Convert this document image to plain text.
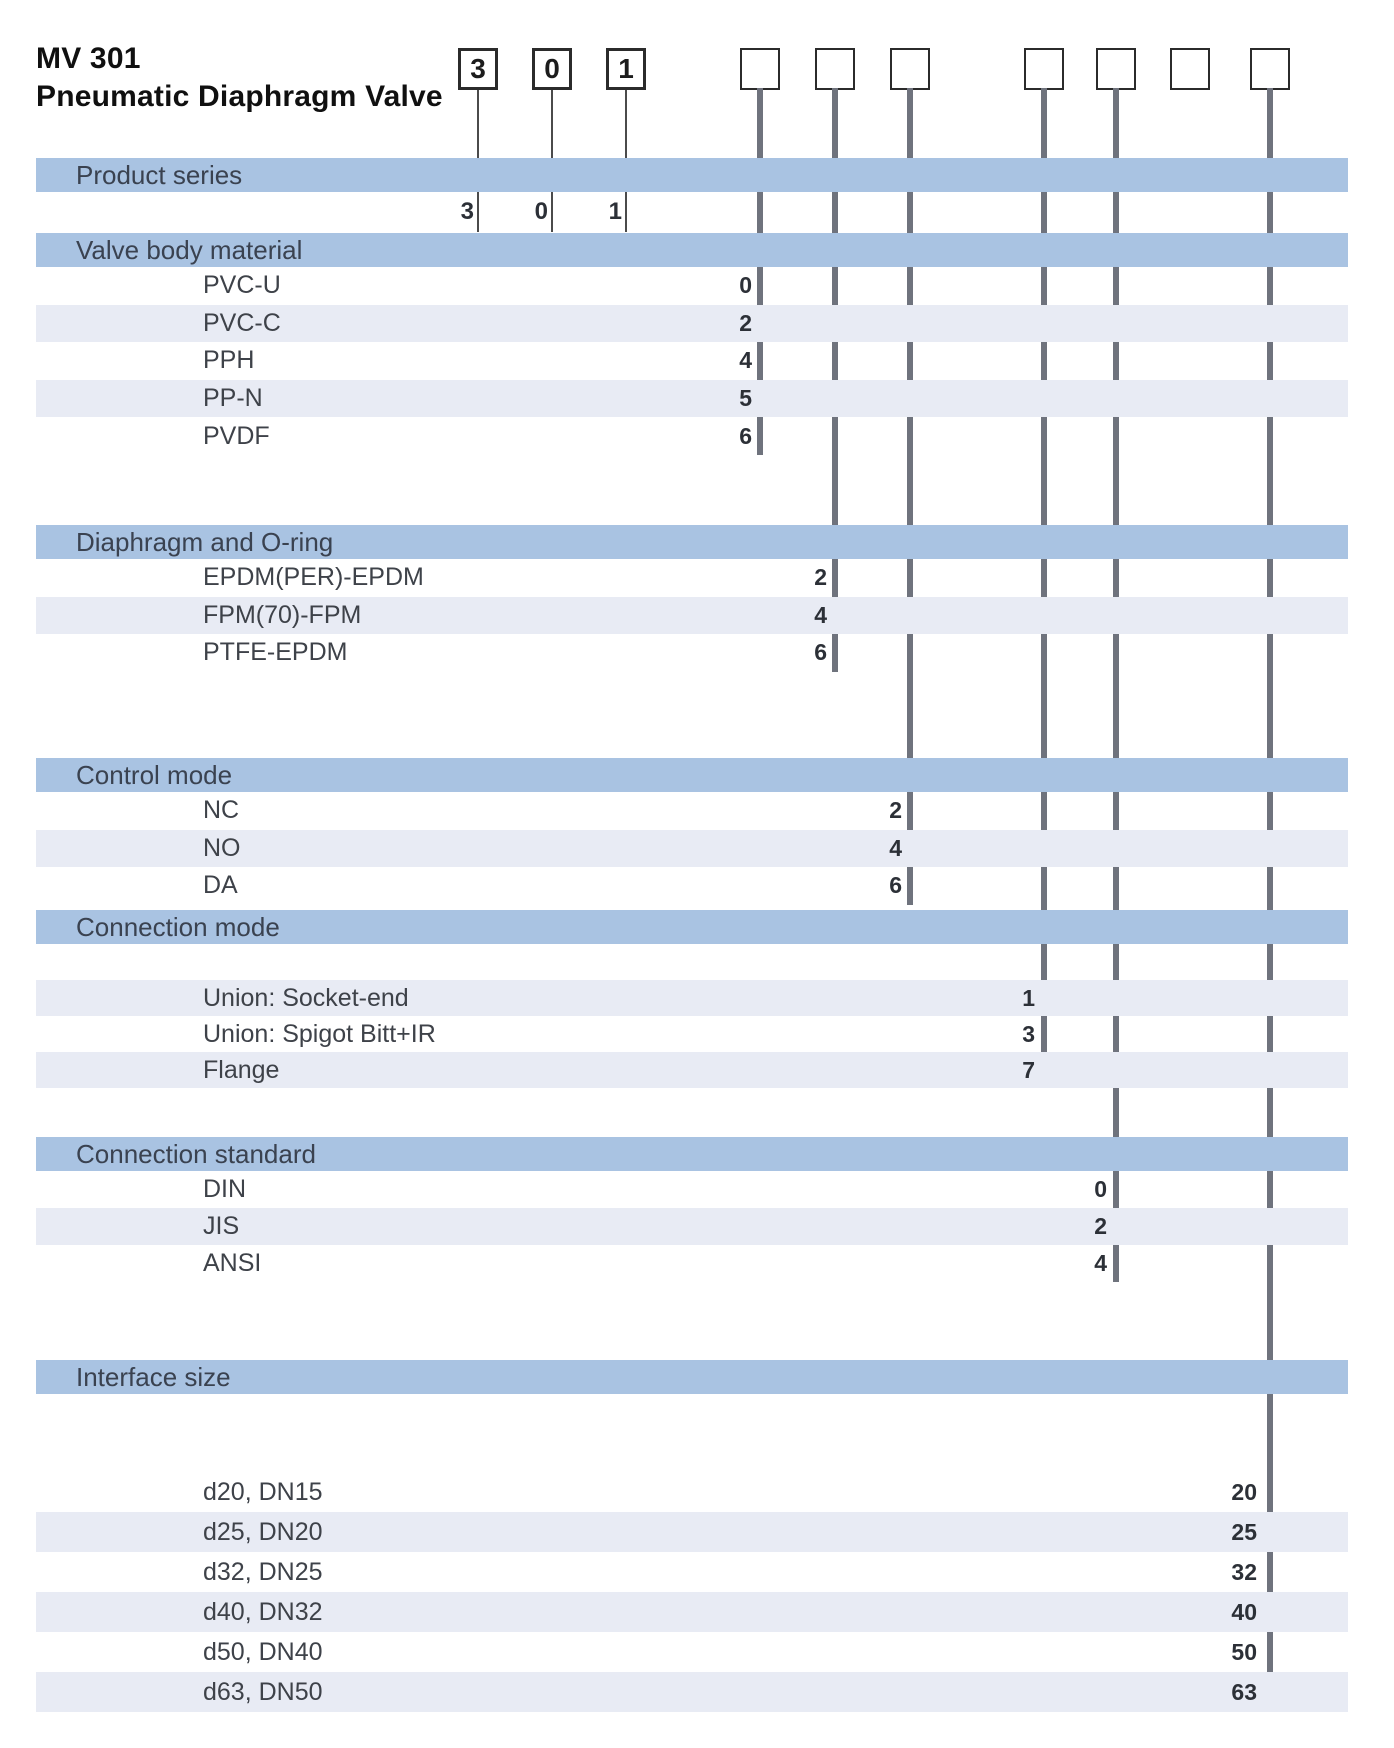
MV 301
Pneumatic Diaphragm Valve
3	0	1
Product series
3	0	1
Valve body material
PVC-U	0
PVC-C	2
PPH	4
PP-N	5
PVDF	6
Diaphragm and O-ring
EPDM(PER)-EPDM	2
FPM(70)-FPM	4
PTFE-EPDM	6
Control mode
NC	2
NO	4
DA	6
Connection mode
Union: Socket-end	1
Union: Spigot Bitt+IR	3
Flange	7
Connection standard
DIN	0
JIS	2
ANSI	4
Interface size
d20, DN15	20
d25, DN20	25
d32, DN25	32
d40, DN32	40
d50, DN40	50
d63, DN50	63
